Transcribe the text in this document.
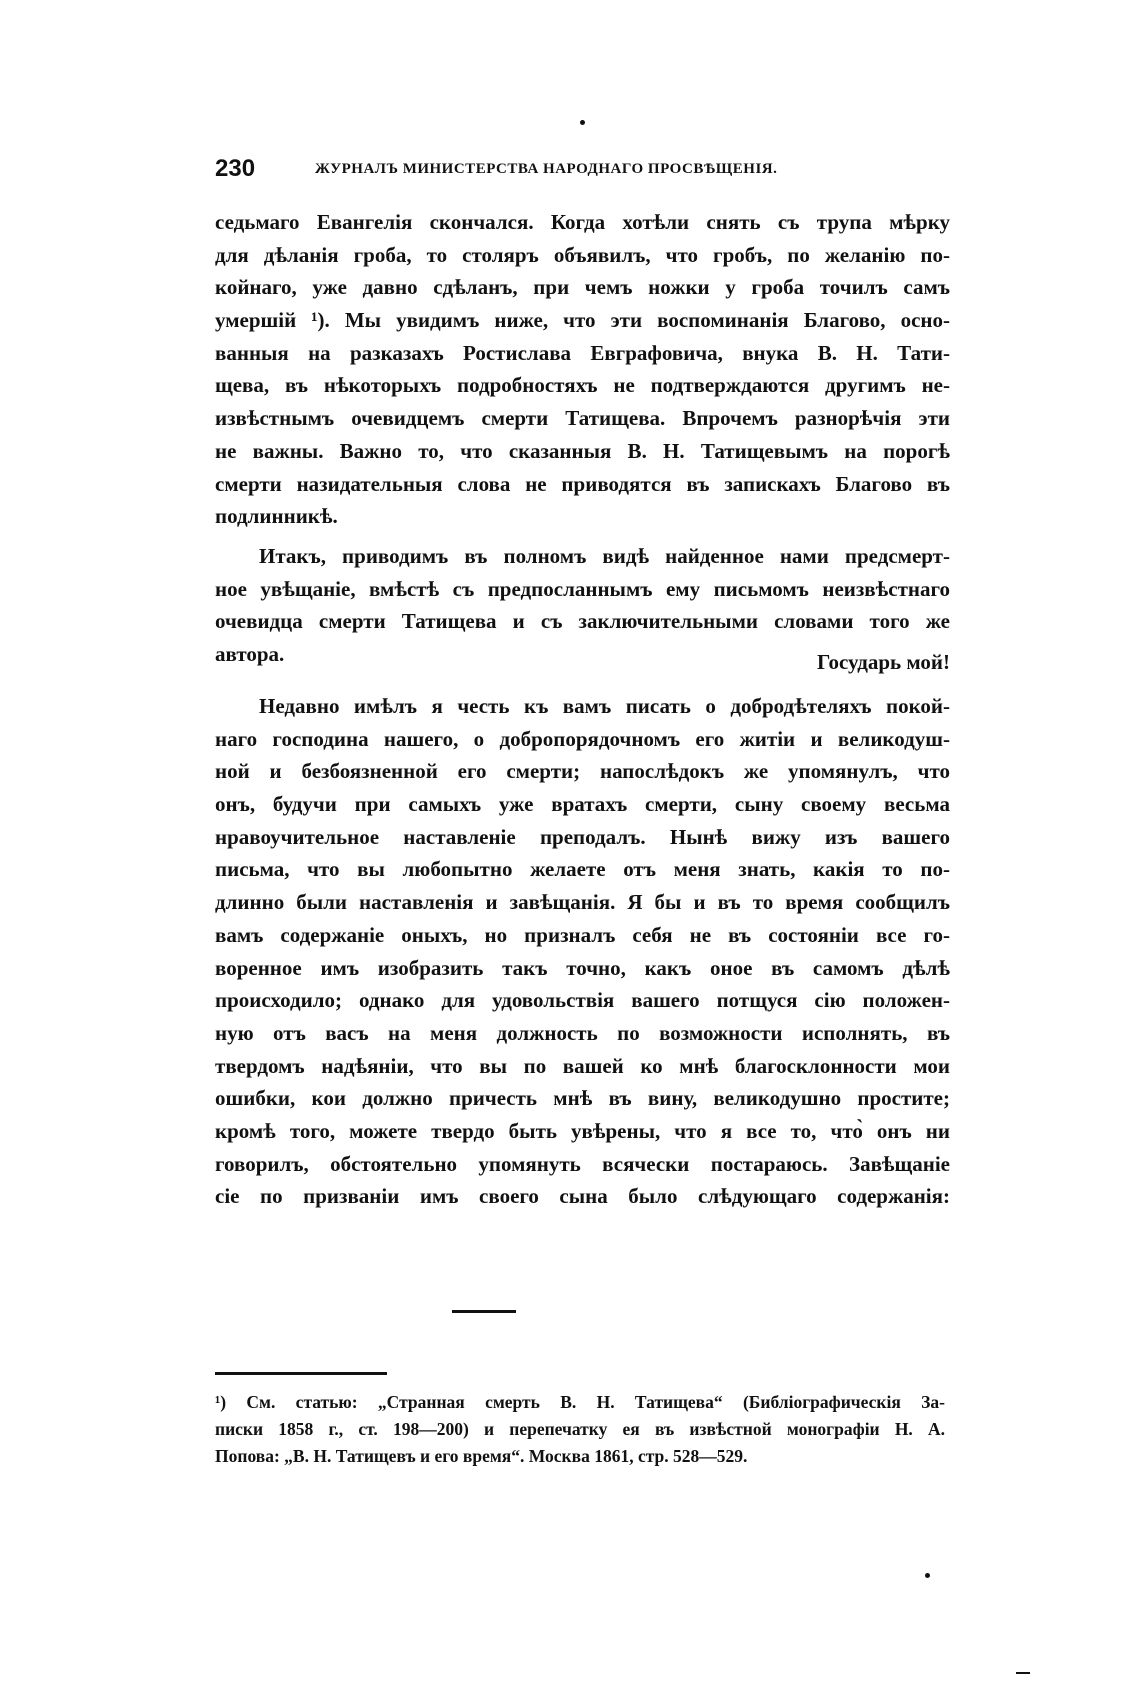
230	ЖУРНАЛЪ МИНИСТЕРСТВА НАРОДНАГО ПРОСВѢЩЕНІЯ.
седьмаго Евангелія скончался. Когда хотѣли снять съ трупа мѣрку
для дѣланія гроба, то столяръ объявилъ, что гробъ, по желанію по-
койнаго, уже давно сдѣланъ, при чемъ ножки у гроба точилъ самъ
умершій ¹). Мы увидимъ ниже, что эти воспоминанія Благово, осно-
ванныя на разказахъ Ростислава Евграфовича, внука В. Н. Тати-
щева, въ нѣкоторыхъ подробностяхъ не подтверждаются другимъ не-
извѣстнымъ очевидцемъ смерти Татищева. Впрочемъ разнорѣчія эти
не важны. Важно то, что сказанныя В. Н. Татищевымъ на порогѣ
смерти назидательныя слова не приводятся въ запискахъ Благово въ
подлинникѣ.
Итакъ, приводимъ въ полномъ видѣ найденное нами предсмерт-
ное увѣщаніе, вмѣстѣ съ предпосланнымъ ему письмомъ неизвѣстнаго
очевидца смерти Татищева и съ заключительными словами того же
автора.	Государь мой!
Недавно имѣлъ я честь къ вамъ писать о добродѣтеляхъ покой-
наго господина нашего, о добропорядочномъ его житіи и великодуш-
ной и безбоязненной его смерти; напослѣдокъ же упомянулъ, что
онъ, будучи при самыхъ уже вратахъ смерти, сыну своему весьма
нравоучительное наставленіе преподалъ. Нынѣ вижу изъ вашего
письма, что вы любопытно желаете отъ меня знать, какія то по-
длинно были наставленія и завѣщанія. Я бы и въ то время сообщилъ
вамъ содержаніе оныхъ, но призналъ себя не въ состояніи все го-
воренное имъ изобразить такъ точно, какъ оное въ самомъ дѣлѣ
происходило; однако для удовольствія вашего потщуся сію положен-
ную отъ васъ на меня должность по возможности исполнять, въ
твердомъ надѣяніи, что вы по вашей ко мнѣ благосклонности мои
ошибки, кои должно причесть мнѣ въ вину, великодушно простите;
кромѣ того, можете твердо быть увѣрены, что я все то, что̀ онъ ни
говорилъ, обстоятельно упомянуть всячески постараюсь. Завѣщаніе
сіе по призваніи имъ своего сына было слѣдующаго содержанія:
¹) См. статью: „Странная смерть В. Н. Татищева“ (Библіографическія За-
писки 1858 г., ст. 198—200) и перепечатку ея въ извѣстной монографіи Н. А.
Попова: „В. Н. Татищевъ и его время“. Москва 1861, стр. 528—529.
